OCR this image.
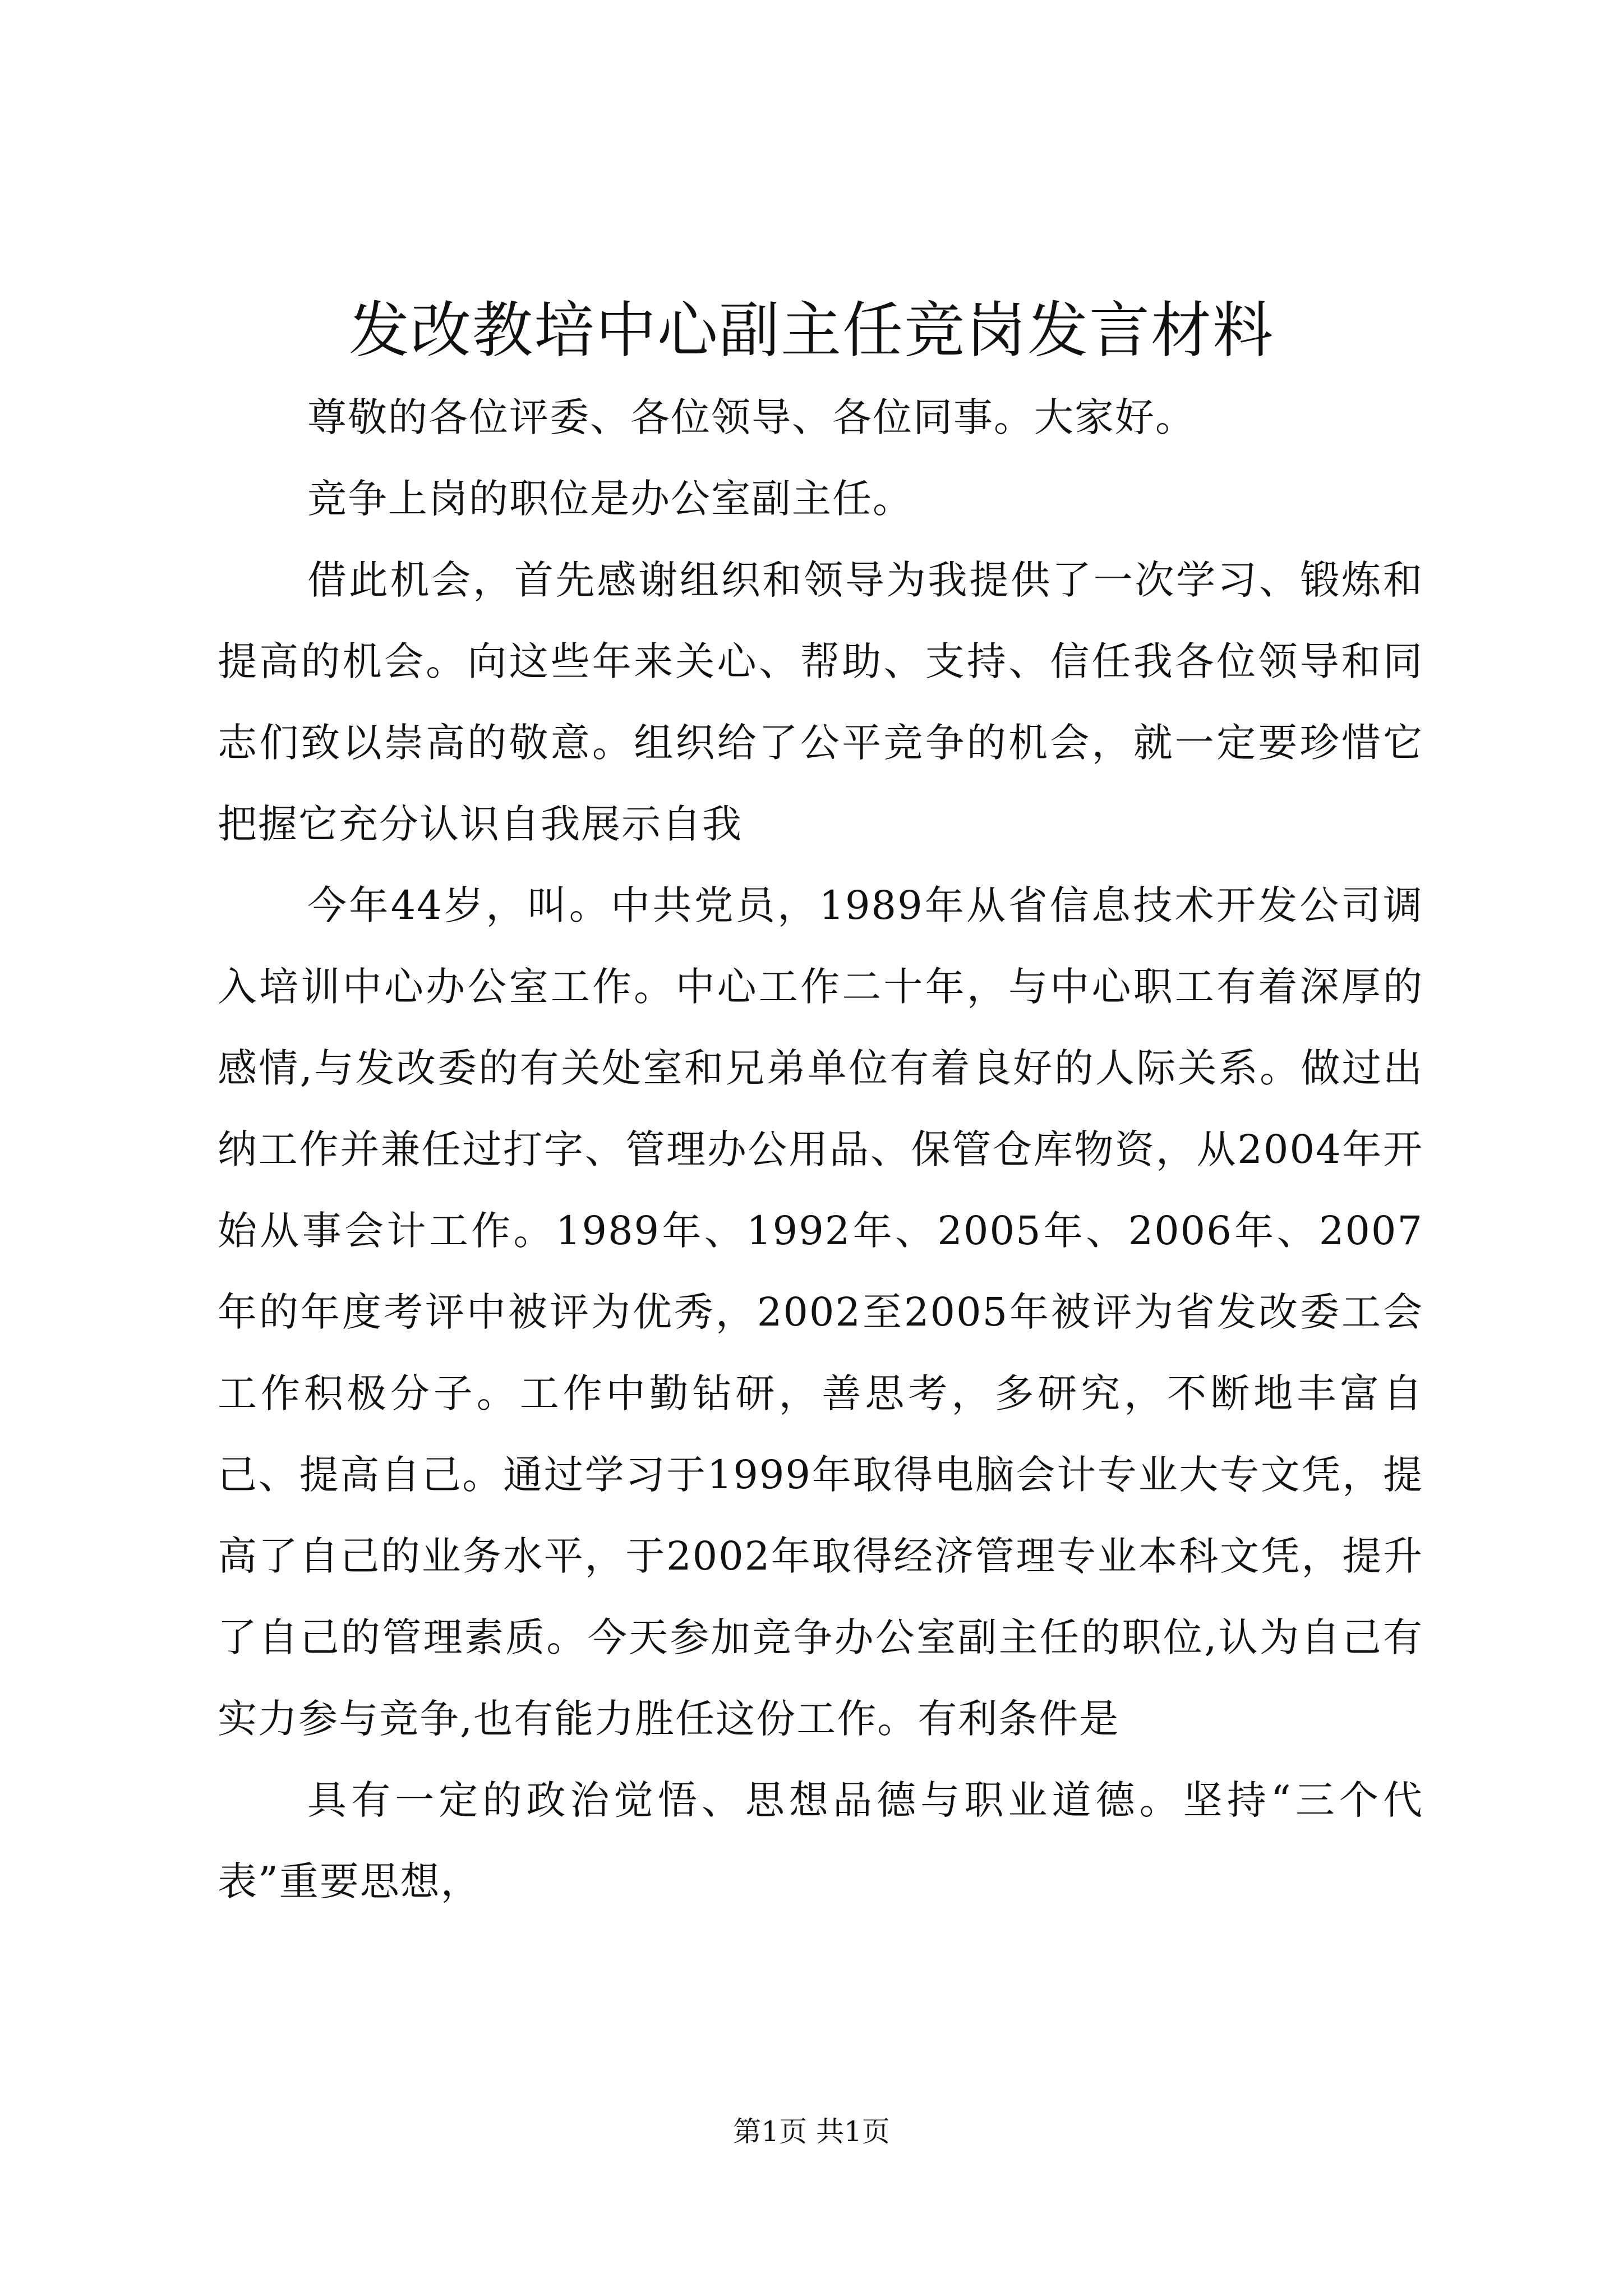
发改教培中心副主任竞岗发言材料

尊敬的各位评委、各位领导、各位同事。大家好。

竞争上岗的职位是办公室副主任。

借此机会，首先感谢组织和领导为我提供了一次学习、锻炼和提高的机会。向这些年来关心、帮助、支持、信任我各位领导和同志们致以崇高的敬意。组织给了公平竞争的机会，就一定要珍惜它把握它充分认识自我展示自我

今年44岁，叫。中共党员，1989年从省信息技术开发公司调入培训中心办公室工作。中心工作二十年，与中心职工有着深厚的感情,与发改委的有关处室和兄弟单位有着良好的人际关系。做过出纳工作并兼任过打字、管理办公用品、保管仓库物资，从2004年开始从事会计工作。1989年、1992年、2005年、2006年、2007年的年度考评中被评为优秀，2002至2005年被评为省发改委工会工作积极分子。工作中勤钻研，善思考，多研究，不断地丰富自己、提高自己。通过学习于1999年取得电脑会计专业大专文凭，提高了自己的业务水平，于2002年取得经济管理专业本科文凭，提升了自己的管理素质。今天参加竞争办公室副主任的职位,认为自己有实力参与竞争,也有能力胜任这份工作。有利条件是

具有一定的政治觉悟、思想品德与职业道德。坚持“三个代表”重要思想，

第1页 共1页
